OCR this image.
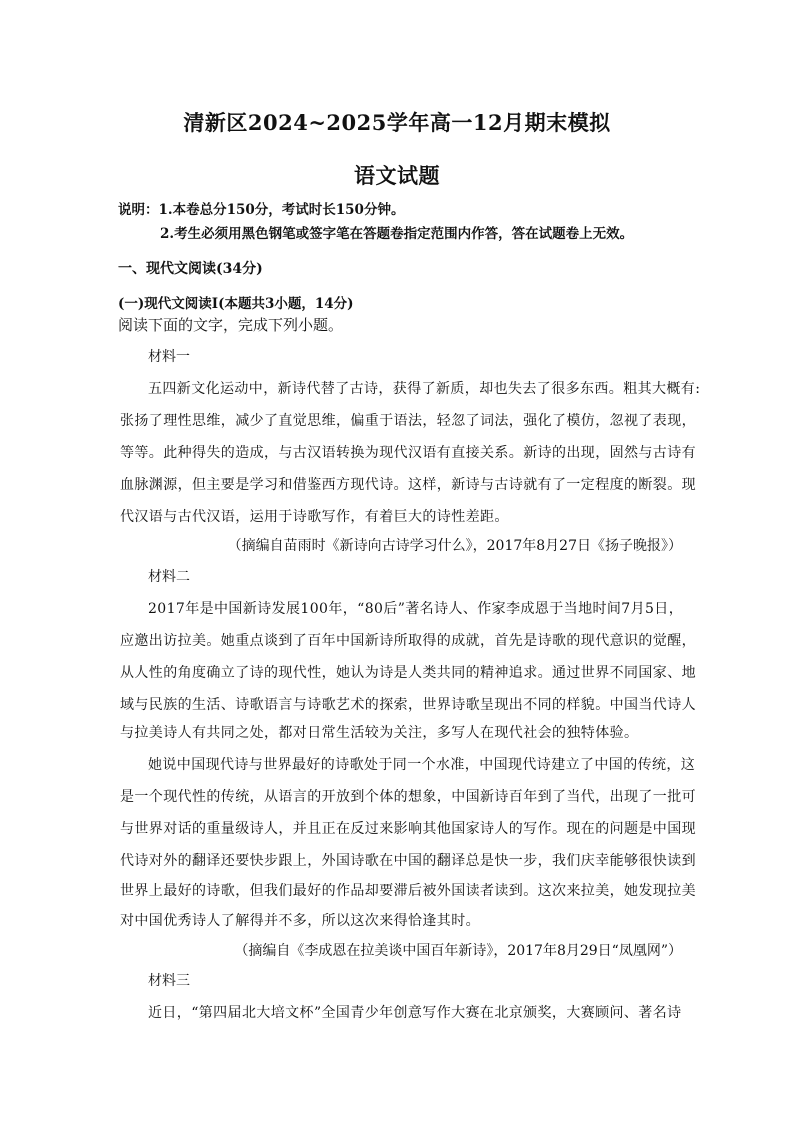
清新区2024~2025学年高一12月期末模拟
语文试题
说明：1.本卷总分150分，考试时长150分钟。
2.考生必须用黑色钢笔或签字笔在答题卷指定范围内作答，答在试题卷上无效。
一、现代文阅读(34分)
(一)现代文阅读Ⅰ(本题共3小题，14分)
阅读下面的文字，完成下列小题。
材料一
五四新文化运动中，新诗代替了古诗，获得了新质，却也失去了很多东西。粗其大概有:
张扬了理性思维，减少了直觉思维，偏重于语法，轻忽了词法，强化了模仿，忽视了表现，
等等。此种得失的造成，与古汉语转换为现代汉语有直接关系。新诗的出现，固然与古诗有
血脉渊源，但主要是学习和借鉴西方现代诗。这样，新诗与古诗就有了一定程度的断裂。现
代汉语与古代汉语，运用于诗歌写作，有着巨大的诗性差距。
（摘编自苗雨时《新诗向古诗学习什么》，2017年8月27日《扬子晚报》）
材料二
2017年是中国新诗发展100年，“80后”著名诗人、作家李成恩于当地时间7月5日，
应邀出访拉美。她重点谈到了百年中国新诗所取得的成就，首先是诗歌的现代意识的觉醒，
从人性的角度确立了诗的现代性，她认为诗是人类共同的精神追求。通过世界不同国家、地
域与民族的生活、诗歌语言与诗歌艺术的探索，世界诗歌呈现出不同的样貌。中国当代诗人
与拉美诗人有共同之处，都对日常生活较为关注，多写人在现代社会的独特体验。
她说中国现代诗与世界最好的诗歌处于同一个水准，中国现代诗建立了中国的传统，这
是一个现代性的传统，从语言的开放到个体的想象，中国新诗百年到了当代，出现了一批可
与世界对话的重量级诗人，并且正在反过来影响其他国家诗人的写作。现在的问题是中国现
代诗对外的翻译还要快步跟上，外国诗歌在中国的翻译总是快一步，我们庆幸能够很快读到
世界上最好的诗歌，但我们最好的作品却要滞后被外国读者读到。这次来拉美，她发现拉美
对中国优秀诗人了解得并不多，所以这次来得恰逢其时。
（摘编自《李成恩在拉美谈中国百年新诗》，2017年8月29日“凤凰网”）
材料三
近日，“第四届北大培文杯”全国青少年创意写作大赛在北京颁奖，大赛顾问、著名诗
